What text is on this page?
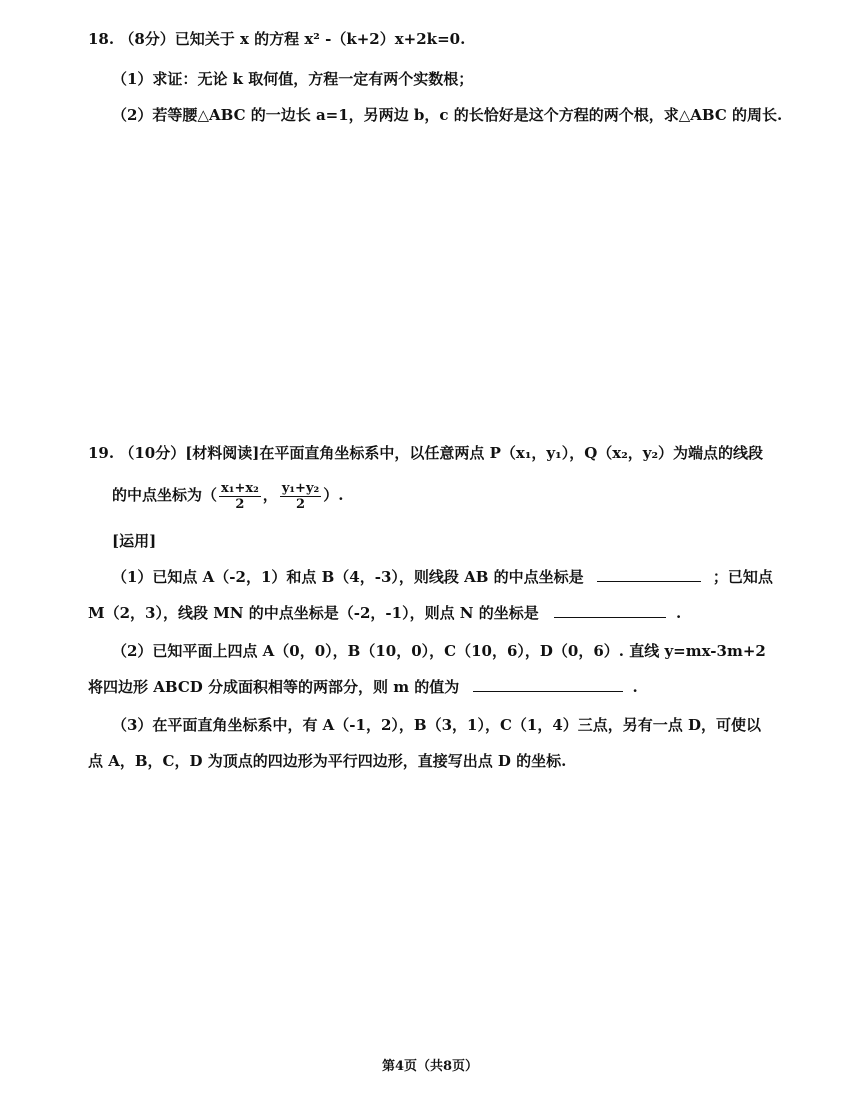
18. （8分）已知关于 x 的方程 x² -（k+2）x+2k=0.
（1）求证：无论 k 取何值，方程一定有两个实数根；
（2）若等腰△ABC 的一边长 a=1，另两边 b，c 的长恰好是这个方程的两个根，求△ABC 的周长.
19. （10分）[材料阅读]在平面直角坐标系中，以任意两点 P（x₁，y₁），Q（x₂，y₂）为端点的线段
的中点坐标为（ $\frac{\text{x₁+x₂}}{2}$ ， $\frac{\text{y₁+y₂}}{2}$ ）.
[运用]
（1）已知点 A（-2，1）和点 B（4，-3），则线段 AB 的中点坐标是	；已知点
M（2，3），线段 MN 的中点坐标是（-2，-1），则点 N 的坐标是	.
（2）已知平面上四点 A（0，0），B（10，0），C（10，6），D（0，6）. 直线 y=mx-3m+2
将四边形 ABCD 分成面积相等的两部分，则 m 的值为	.
（3）在平面直角坐标系中，有 A（-1，2），B（3，1），C（1，4）三点，另有一点 D，可使以
点 A，B，C，D 为顶点的四边形为平行四边形，直接写出点 D 的坐标.
第4页（共8页）
